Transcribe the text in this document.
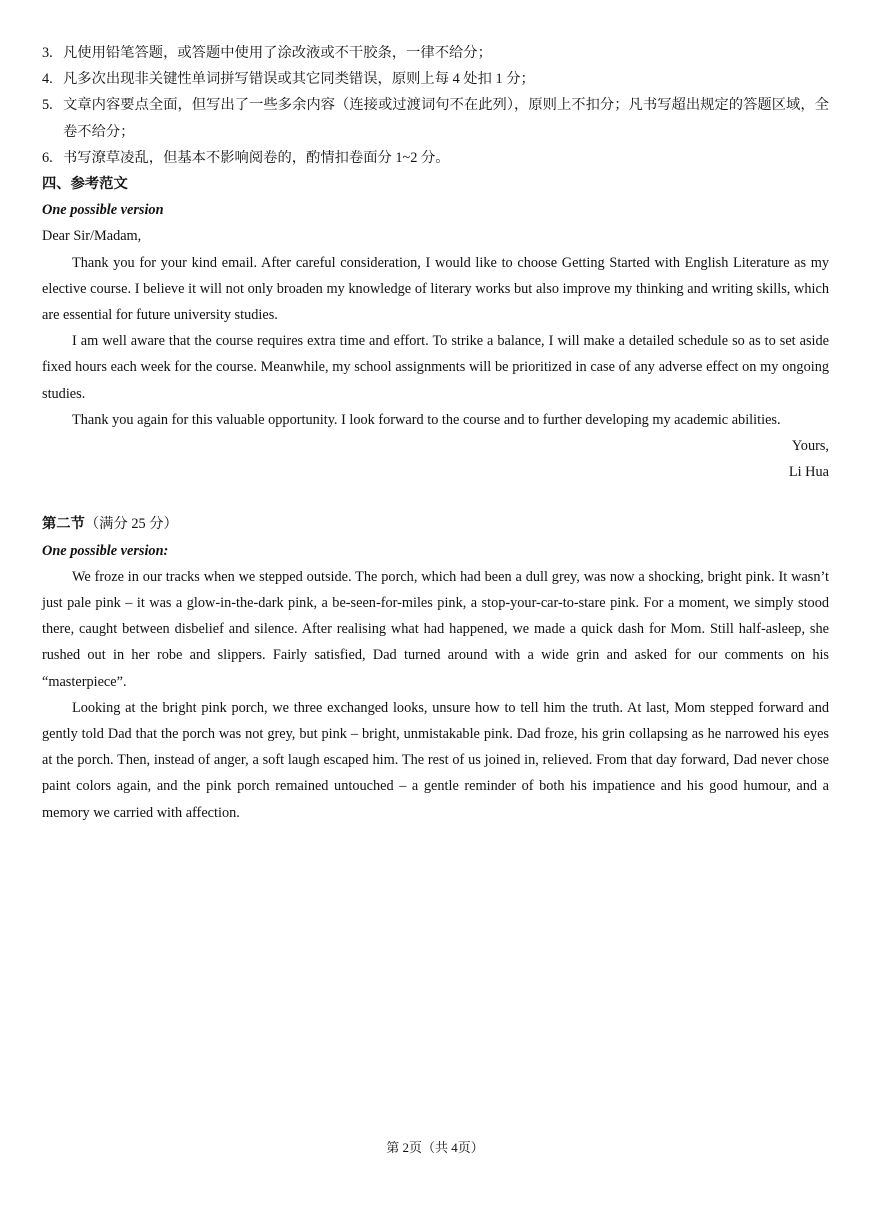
3. 凡使用铅笔答题，或答题中使用了涂改液或不干胶条，一律不给分；
4. 凡多次出现非关键性单词拼写错误或其它同类错误，原则上每 4 处扣 1 分；
5. 文章内容要点全面，但写出了一些多余内容（连接或过渡词句不在此列），原则上不扣分；凡书写超出规定的答题区域，全卷不给分；
6. 书写潦草凌乱，但基本不影响阅卷的，酌情扣卷面分 1~2 分。
四、参考范文
One possible version

Dear Sir/Madam,

Thank you for your kind email. After careful consideration, I would like to choose Getting Started with English Literature as my elective course. I believe it will not only broaden my knowledge of literary works but also improve my thinking and writing skills, which are essential for future university studies.

I am well aware that the course requires extra time and effort. To strike a balance, I will make a detailed schedule so as to set aside fixed hours each week for the course. Meanwhile, my school assignments will be prioritized in case of any adverse effect on my ongoing studies.

Thank you again for this valuable opportunity. I look forward to the course and to further developing my academic abilities.

Yours,
Li Hua
第二节（满分 25 分）
One possible version:

We froze in our tracks when we stepped outside. The porch, which had been a dull grey, was now a shocking, bright pink. It wasn’t just pale pink – it was a glow-in-the-dark pink, a be-seen-for-miles pink, a stop-your-car-to-stare pink. For a moment, we simply stood there, caught between disbelief and silence. After realising what had happened, we made a quick dash for Mom. Still half-asleep, she rushed out in her robe and slippers. Fairly satisfied, Dad turned around with a wide grin and asked for our comments on his “masterpiece”.

Looking at the bright pink porch, we three exchanged looks, unsure how to tell him the truth. At last, Mom stepped forward and gently told Dad that the porch was not grey, but pink – bright, unmistakable pink. Dad froze, his grin collapsing as he narrowed his eyes at the porch. Then, instead of anger, a soft laugh escaped him. The rest of us joined in, relieved. From that day forward, Dad never chose paint colors again, and the pink porch remained untouched – a gentle reminder of both his impatience and his good humour, and a memory we carried with affection.

第 2页（共 4页）
